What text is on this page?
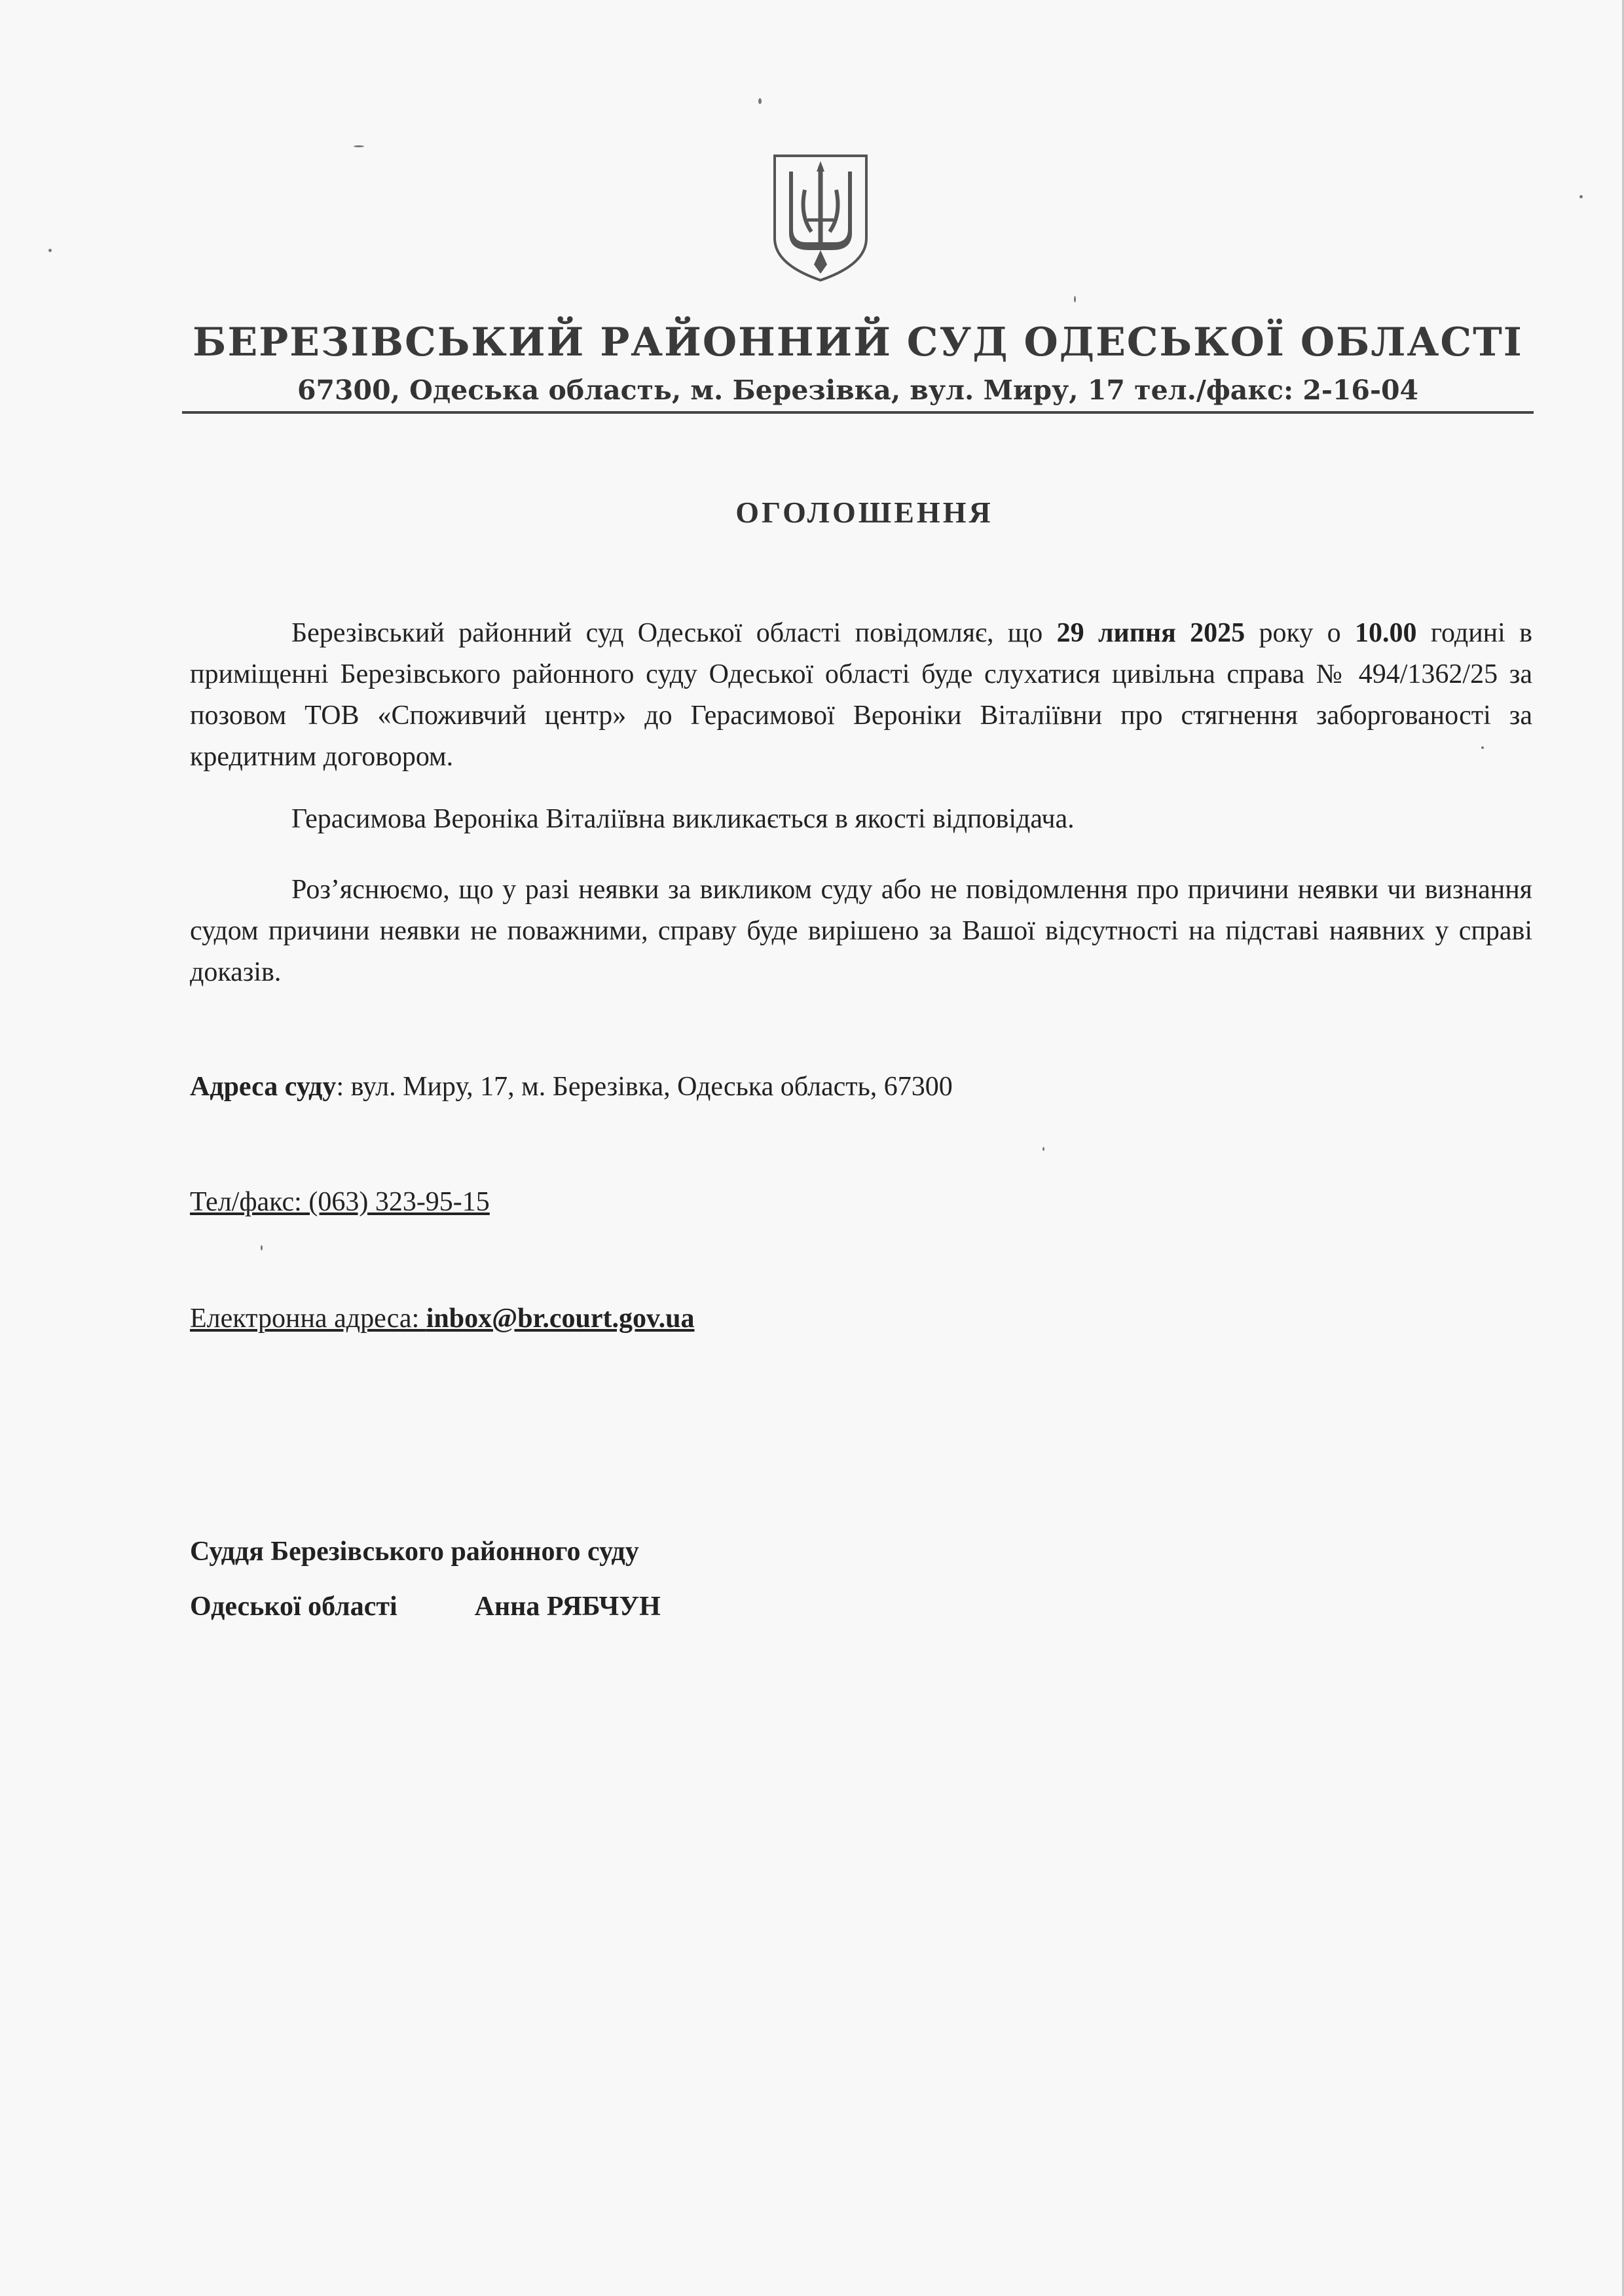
БЕРЕЗІВСЬКИЙ РАЙОННИЙ СУД ОДЕСЬКОЇ ОБЛАСТІ
67300, Одеська область, м. Березівка, вул. Миру, 17 тел./факс: 2-16-04
ОГОЛОШЕННЯ
Березівський районний суд Одеської області повідомляє, що 29 липня 2025 року о 10.00 годині в приміщенні Березівського районного суду Одеської області буде слухатися цивільна справа № 494/1362/25 за позовом ТОВ «Споживчий центр» до Герасимової Вероніки Віталіївни про стягнення заборгованості за кредитним договором.
Герасимова Вероніка Віталіївна викликається в якості відповідача.
Роз’яснюємо, що у разі неявки за викликом суду або не повідомлення про причини неявки чи визнання судом причини неявки не поважними, справу буде вирішено за Вашої відсутності на підставі наявних у справі доказів.
Адреса суду: вул. Миру, 17, м. Березівка, Одеська область, 67300
Тел/факс: (063) 323-95-15
Електронна адреса: inbox@br.court.gov.ua
Суддя Березівського районного суду
Одеської області	Анна РЯБЧУН
